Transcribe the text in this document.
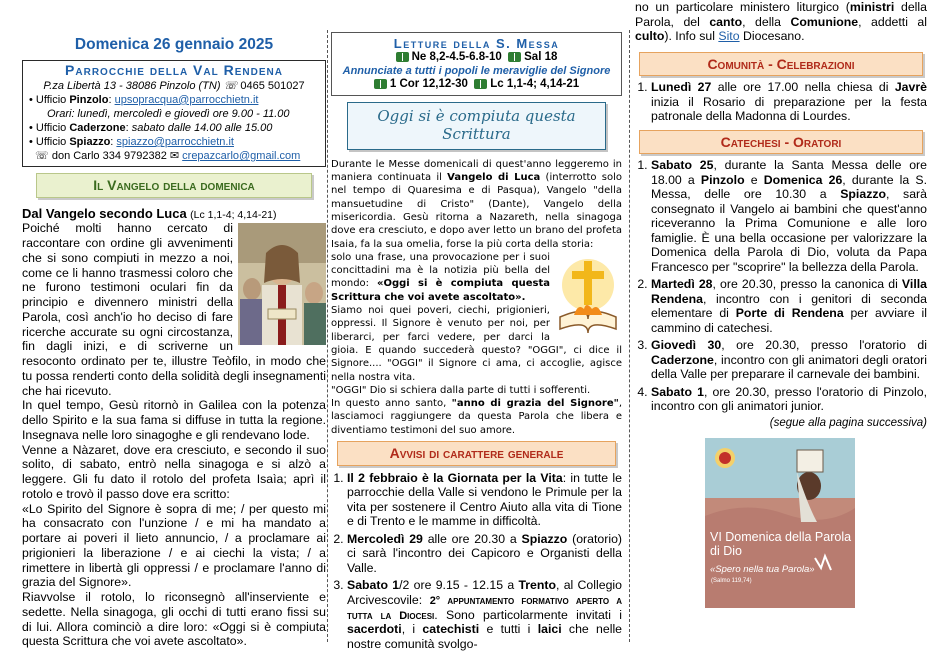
Domenica 26 gennaio 2025
Parrocchie della Val Rendena
P.za Libertà 13 - 38086 Pinzolo (TN) ☏ 0465 501027
• Ufficio Pinzolo: upsopracqua@parrocchietn.it
Orari: lunedì, mercoledì e giovedì ore 9.00 - 11.00
• Ufficio Caderzone: sabato dalle 14.00 alle 15.00
• Ufficio Spiazzo: spiazzo@parrocchietn.it
☏ don Carlo 334 9792382 ✉ crepazcarlo@gmail.com
Il Vangelo della domenica
Dal Vangelo secondo Luca (Lc 1,1-4; 4,14-21)
Poiché molti hanno cercato di raccontare con ordine gli avvenimenti che si sono compiuti in mezzo a noi, come ce li hanno trasmessi coloro che ne furono testimoni oculari fin da principio e divennero ministri della Parola, così anch'io ho deciso di fare ricerche accurate su ogni circostanza, fin dagli inizi, e di scriverne un resoconto ordinato per te, illustre Teòfilo, in modo che tu possa renderti conto della solidità degli insegnamenti che hai ricevuto.
In quel tempo, Gesù ritornò in Galilea con la potenza dello Spirito e la sua fama si diffuse in tutta la regione. Insegnava nelle loro sinagoghe e gli rendevano lode.
Venne a Nàzaret, dove era cresciuto, e secondo il suo solito, di sabato, entrò nella sinagoga e si alzò a leggere. Gli fu dato il rotolo del profeta Isaìa; aprì il rotolo e trovò il passo dove era scritto:
«Lo Spirito del Signore è sopra di me; / per questo mi ha consacrato con l'unzione / e mi ha mandato a portare ai poveri il lieto annuncio, / a proclamare ai prigionieri la liberazione / e ai ciechi la vista; / a rimettere in libertà gli oppressi / e proclamare l'anno di grazia del Signore».
Riavvolse il rotolo, lo riconsegnò all'inserviente e sedette. Nella sinagoga, gli occhi di tutti erano fissi su di lui. Allora cominciò a dire loro: «Oggi si è compiuta questa Scrittura che voi avete ascoltato».
Letture della S. Messa
Ne 8,2-4.5-6.8-10 Sal 18
Annunciate a tutti i popoli le meraviglie del Signore
1 Cor 12,12-30 Lc 1,1-4; 4,14-21
Oggi si è compiuta questa Scrittura
Durante le Messe domenicali di quest'anno leggeremo in maniera continuata il Vangelo di Luca (interrotto solo nel tempo di Quaresima e di Pasqua), Vangelo "della mansuetudine di Cristo" (Dante), Vangelo della misericordia. Gesù ritorna a Nazareth, nella sinagoga dove era cresciuto, e dopo aver letto un brano del profeta Isaia, fa la sua omelia, forse la più corta della storia:
solo una frase, una provocazione per i suoi concittadini ma è la notizia più bella del mondo: «Oggi si è compiuta questa Scrittura che voi avete ascoltato».
Siamo noi quei poveri, ciechi, prigionieri, oppressi. Il Signore è venuto per noi, per liberarci, per farci vedere, per darci la gioia. E quando succederà questo? "OGGI", ci dice il Signore.... "OGGI" il Signore ci ama, ci accoglie, agisce nella nostra vita.
"OGGI" Dio si schiera dalla parte di tutti i sofferenti.
In questo anno santo, "anno di grazia del Signore", lasciamoci raggiungere da questa Parola che libera e diventiamo testimoni del suo amore.
Avvisi di carattere generale
1. Il 2 febbraio è la Giornata per la Vita: in tutte le parrocchie della Valle si vendono le Primule per la vita per sostenere il Centro Aiuto alla vita di Tione e di Trento e le mamme in difficoltà.
2. Mercoledì 29 alle ore 20.30 a Spiazzo (oratorio) ci sarà l'incontro dei Capicoro e Organisti della Valle.
3. Sabato 1/2 ore 9.15 - 12.15 a Trento, al Collegio Arcivescovile: 2° appuntamento formativo aperto a tutta la Diocesi. Sono particolarmente invitati i sacerdoti, i catechisti e tutti i laici che nelle nostre comunità svolgo-
no un particolare ministero liturgico (ministri della Parola, del canto, della Comunione, addetti al culto). Info sul Sito Diocesano.
Comunità - Celebrazioni
1. Lunedì 27 alle ore 17.00 nella chiesa di Javrè inizia il Rosario di preparazione per la festa patronale della Madonna di Lourdes.
Catechesi - Oratori
1. Sabato 25, durante la Santa Messa delle ore 18.00 a Pinzolo e Domenica 26, durante la S. Messa, delle ore 10.30 a Spiazzo, sarà consegnato il Vangelo ai bambini che quest'anno riceveranno la Prima Comunione e alle loro famiglie. È una bella occasione per valorizzare la Domenica della Parola di Dio, voluta da Papa Francesco per "scoprire" la bellezza della Parola.
2. Martedì 28, ore 20.30, presso la canonica di Villa Rendena, incontro con i genitori di seconda elementare di Porte di Rendena per avviare il cammino di catechesi.
3. Giovedì 30, ore 20.30, presso l'oratorio di Caderzone, incontro con gli animatori degli oratori della Valle per preparare il carnevale dei bambini.
4. Sabato 1, ore 20.30, presso l'oratorio di Pinzolo, incontro con gli animatori junior.
(segue alla pagina successiva)
VI Domenica della Parola di Dio
«Spero nella tua Parola»
(Salmo 119,74)
